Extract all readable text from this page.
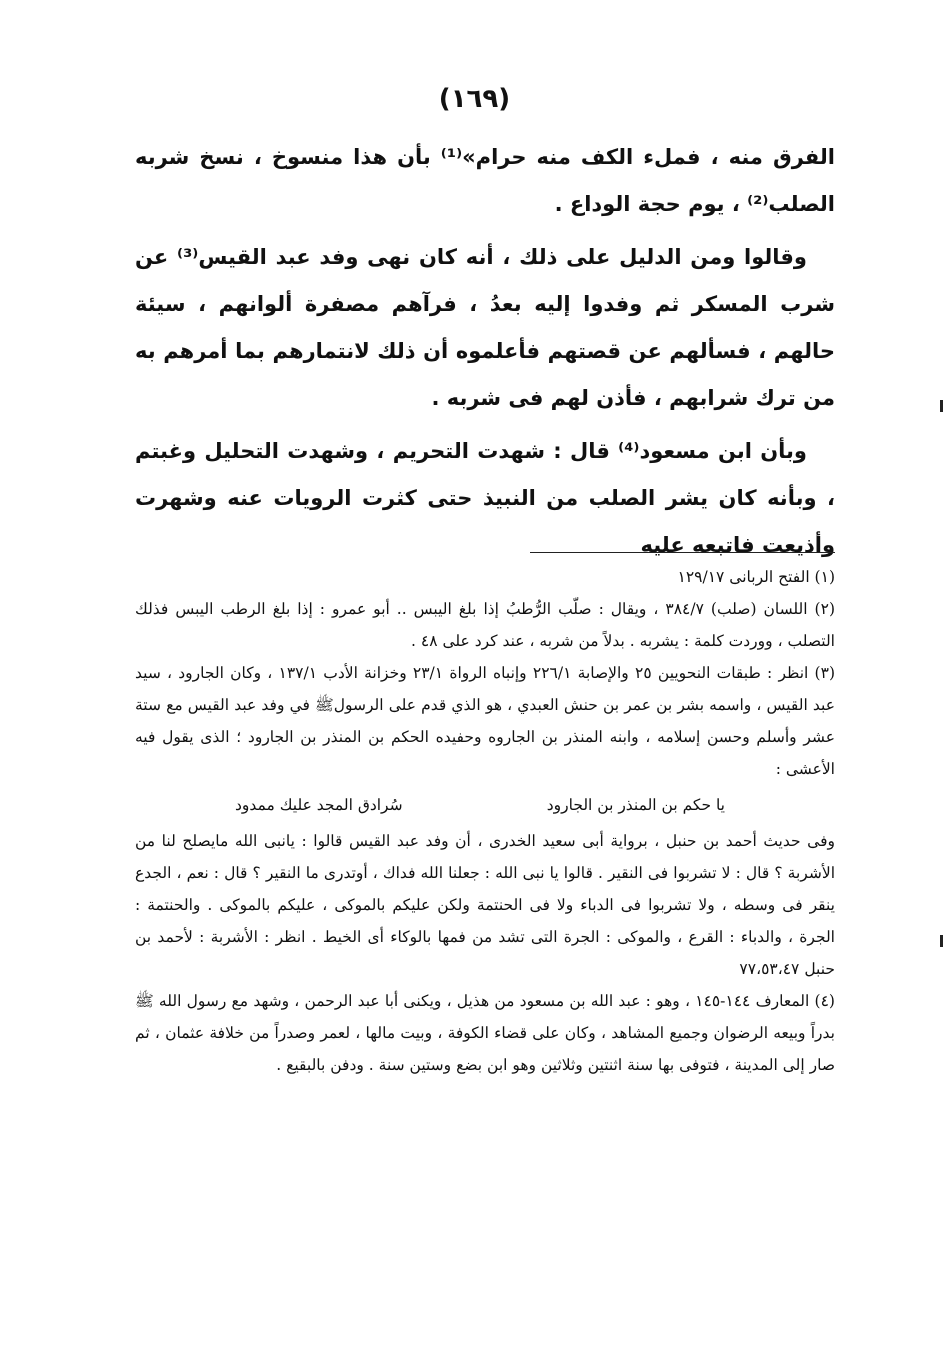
(١٦٩)

الفرق منه ، فملء الكف منه حرام»⁽¹⁾ بأن هذا منسوخ ، نسخ شربه الصلب⁽²⁾ ، يوم حجة الوداع .

وقالوا ومن الدليل على ذلك ، أنه كان نهى وفد عبد القيس⁽³⁾ عن شرب المسكر ثم وفدوا إليه بعدُ ، فرآهم مصفرة ألوانهم ، سيئة حالهم ، فسألهم عن قصتهم فأعلموه أن ذلك لانتمارهم بما أمرهم به من ترك شرابهم ، فأذن لهم فى شربه .

وبأن ابن مسعود⁽⁴⁾ قال : شهدت التحريم ، وشهدت التحليل وغبتم ، وبأنه كان يشر الصلب من النبيذ حتى كثرت الرويات عنه وشهرت وأذيعت فاتبعه عليه

(١) الفتح الربانى ١٢٩/١٧

(٢) اللسان (صلب) ٣٨٤/٧ ، ويقال : صلّب الرُّطبُ إذا بلغ اليبس .. أبو عمرو : إذا بلغ الرطب اليبس فذلك التصلب ، ووردت كلمة : يشربه . بدلاً من شربه ، عند كرد على ٤٨ .

(٣) انظر : طبقات النحويين ٢٥ والإصابة ٢٢٦/١ وإنباه الرواة ٢٣/١ وخزانة الأدب ١٣٧/١ ، وكان الجارود ، سيد عبد القيس ، واسمه بشر بن عمر بن حنش العبدي ، هو الذي قدم على الرسولﷺ في وفد عبد القيس مع ستة عشر وأسلم وحسن إسلامه ، وابنه المنذر بن الجاروه وحفيده الحكم بن المنذر بن الجارود ؛ الذى يقول فيه الأعشى :

يا حكم بن المنذر بن الجارود
سُرادق المجد عليك ممدود

وفى حديث أحمد بن حنبل ، برواية أبى سعيد الخدرى ، أن وفد عبد القيس قالوا : يانبى الله مايصلح لنا من الأشربة ؟ قال : لا تشربوا فى النقير . قالوا يا نبى الله : جعلنا الله فداك ، أوتدرى ما النقير ؟ قال : نعم ، الجدع ينقر فى وسطه ، ولا تشربوا فى الدباء ولا فى الحنتمة ولكن عليكم بالموكى ، عليكم بالموكى . والحنتمة : الجرة ، والدباء : القرع ، والموكى : الجرة التى تشد من فمها بالوكاء أى الخيط . انظر : الأشربة : لأحمد بن حنبل ٧٧،٥٣،٤٧

(٤) المعارف ١٤٤-١٤٥ ، وهو : عبد الله بن مسعود من هذيل ، ويكنى أبا عبد الرحمن ، وشهد مع رسول الله ﷺ بدراً وبيعه الرضوان وجميع المشاهد ، وكان على قضاء الكوفة ، وبيت مالها ، لعمر وصدراً من خلافة عثمان ، ثم صار إلى المدينة ، فتوفى بها سنة اثنتين وثلاثين وهو ابن بضع وستين سنة . ودفن بالبقيع .
